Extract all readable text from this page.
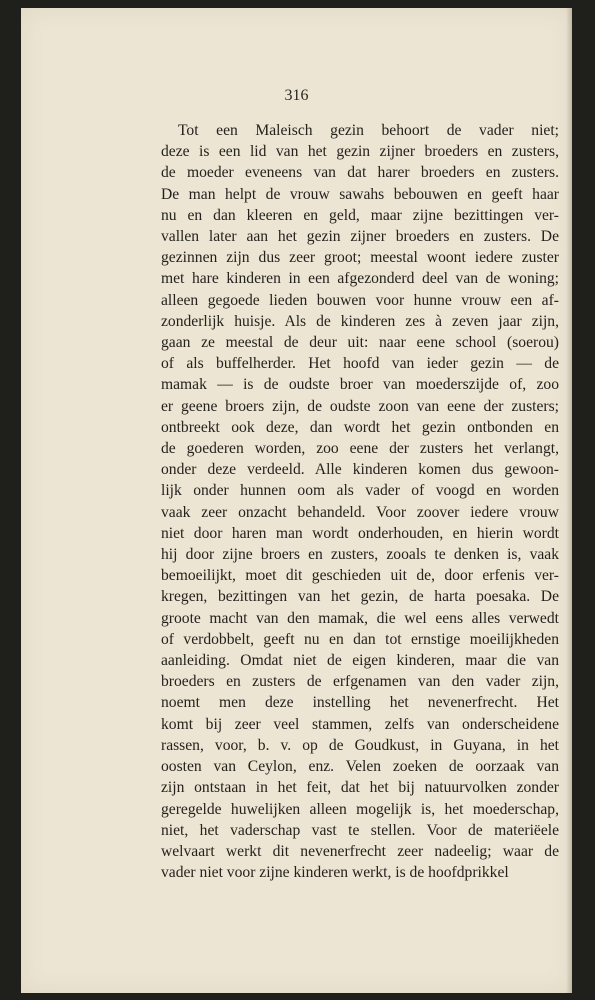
316
Tot een Maleisch gezin behoort de vader niet;
deze is een lid van het gezin zijner broeders en zusters,
de moeder eveneens van dat harer broeders en zusters.
De man helpt de vrouw sawahs bebouwen en geeft haar
nu en dan kleeren en geld, maar zijne bezittingen ver-
vallen later aan het gezin zijner broeders en zusters. De
gezinnen zijn dus zeer groot; meestal woont iedere zuster
met hare kinderen in een afgezonderd deel van de woning;
alleen gegoede lieden bouwen voor hunne vrouw een af-
zonderlijk huisje. Als de kinderen zes à zeven jaar zijn,
gaan ze meestal de deur uit: naar eene school (soerou)
of als buffelherder. Het hoofd van ieder gezin — de
mamak — is de oudste broer van moederszijde of, zoo
er geene broers zijn, de oudste zoon van eene der zusters;
ontbreekt ook deze, dan wordt het gezin ontbonden en
de goederen worden, zoo eene der zusters het verlangt,
onder deze verdeeld. Alle kinderen komen dus gewoon-
lijk onder hunnen oom als vader of voogd en worden
vaak zeer onzacht behandeld. Voor zoover iedere vrouw
niet door haren man wordt onderhouden, en hierin wordt
hij door zijne broers en zusters, zooals te denken is, vaak
bemoeilijkt, moet dit geschieden uit de, door erfenis ver-
kregen, bezittingen van het gezin, de harta poesaka. De
groote macht van den mamak, die wel eens alles verwedt
of verdobbelt, geeft nu en dan tot ernstige moeilijkheden
aanleiding. Omdat niet de eigen kinderen, maar die van
broeders en zusters de erfgenamen van den vader zijn,
noemt men deze instelling het nevenerfrecht. Het
komt bij zeer veel stammen, zelfs van onderscheidene
rassen, voor, b. v. op de Goudkust, in Guyana, in het
oosten van Ceylon, enz. Velen zoeken de oorzaak van
zijn ontstaan in het feit, dat het bij natuurvolken zonder
geregelde huwelijken alleen mogelijk is, het moederschap,
niet, het vaderschap vast te stellen. Voor de materiëele
welvaart werkt dit nevenerfrecht zeer nadeelig; waar de
vader niet voor zijne kinderen werkt, is de hoofdprikkel
